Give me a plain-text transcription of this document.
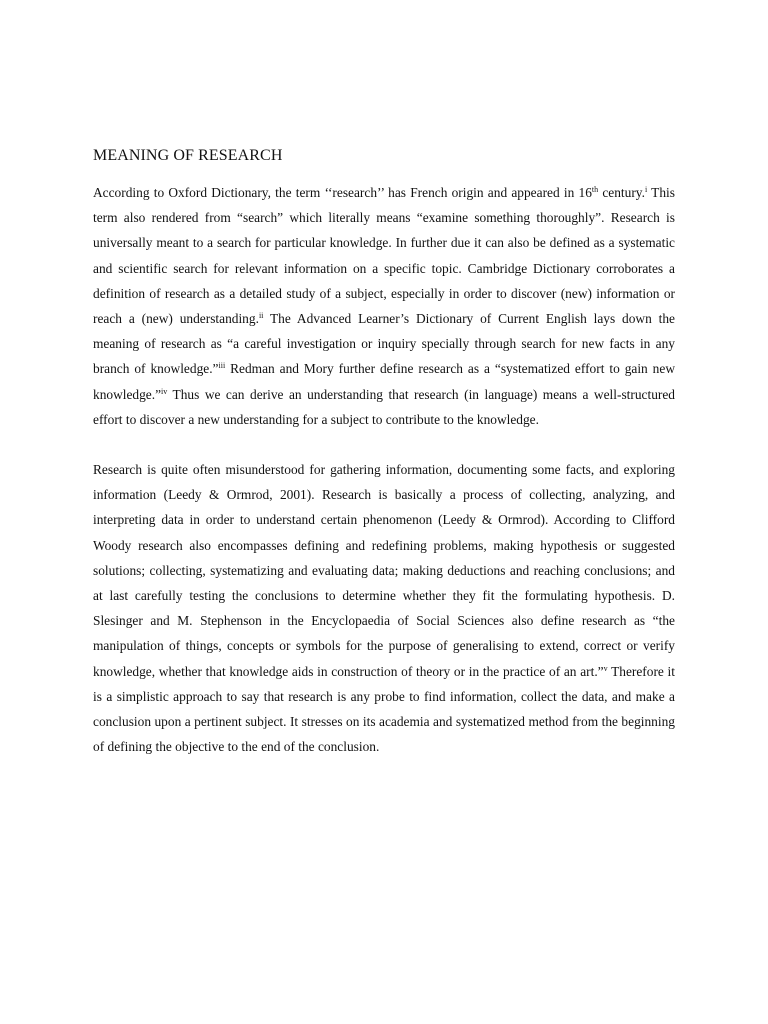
MEANING OF RESEARCH

According to Oxford Dictionary, the term ‘‘research’’ has French origin and appeared in 16th century.$^i$ This term also rendered from “search” which literally means “examine something thoroughly”. Research is universally meant to a search for particular knowledge. In further due it can also be defined as a systematic and scientific search for relevant information on a specific topic. Cambridge Dictionary corroborates a definition of research as a detailed study of a subject, especially in order to discover (new) information or reach a (new) understanding.$^{ii}$ The Advanced Learner’s Dictionary of Current English lays down the meaning of research as “a careful investigation or inquiry specially through search for new facts in any branch of knowledge.”$^{iii}$ Redman and Mory further define research as a “systematized effort to gain new knowledge.”$^{iv}$ Thus we can derive an understanding that research (in language) means a well-structured effort to discover a new understanding for a subject to contribute to the knowledge.

Research is quite often misunderstood for gathering information, documenting some facts, and exploring information (Leedy & Ormrod, 2001). Research is basically a process of collecting, analyzing, and interpreting data in order to understand certain phenomenon (Leedy & Ormrod). According to Clifford Woody research also encompasses defining and redefining problems, making hypothesis or suggested solutions; collecting, systematizing and evaluating data; making deductions and reaching conclusions; and at last carefully testing the conclusions to determine whether they fit the formulating hypothesis. D. Slesinger and M. Stephenson in the Encyclopaedia of Social Sciences also define research as “the manipulation of things, concepts or symbols for the purpose of generalising to extend, correct or verify knowledge, whether that knowledge aids in construction of theory or in the practice of an art.”$^v$ Therefore it is a simplistic approach to say that research is any probe to find information, collect the data, and make a conclusion upon a pertinent subject. It stresses on its academia and systematized method from the beginning of defining the objective to the end of the conclusion.
